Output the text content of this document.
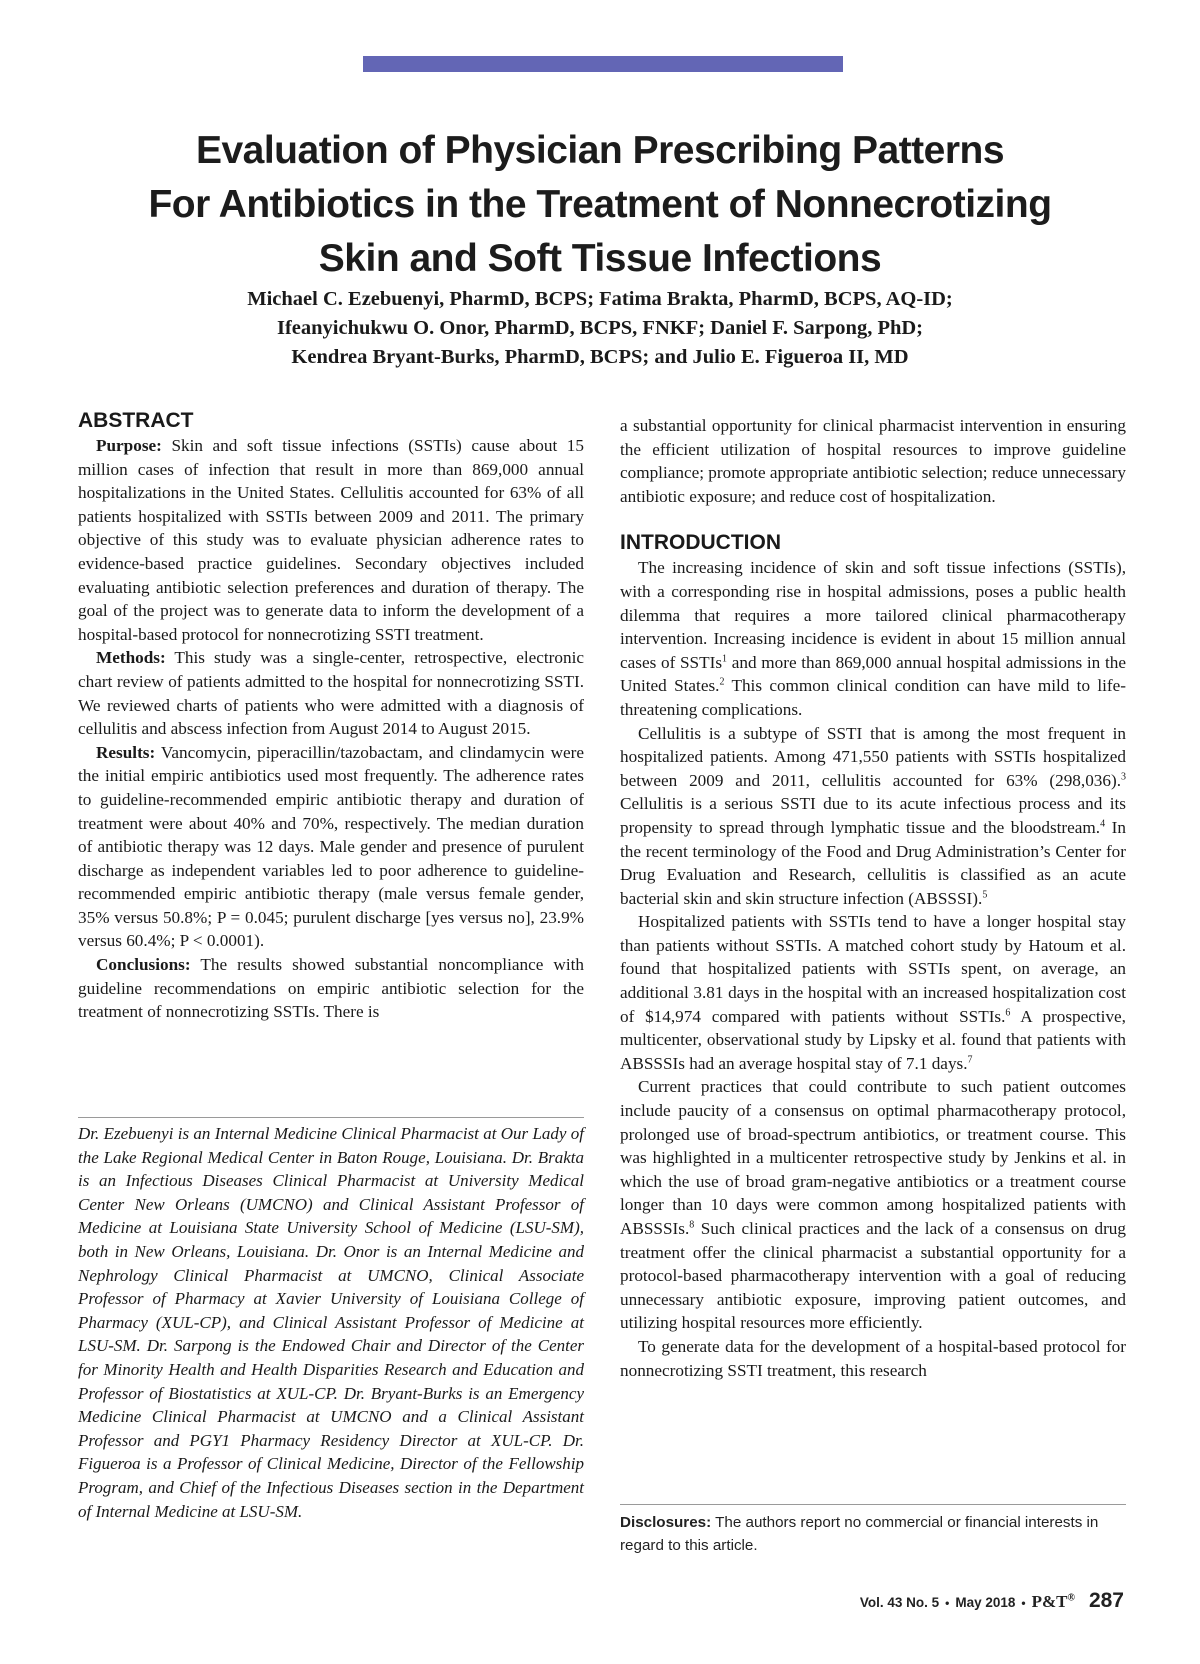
Evaluation of Physician Prescribing Patterns
For Antibiotics in the Treatment of Nonnecrotizing
Skin and Soft Tissue Infections
Michael C. Ezebuenyi, PharmD, BCPS; Fatima Brakta, PharmD, BCPS, AQ-ID;
Ifeanyichukwu O. Onor, PharmD, BCPS, FNKF; Daniel F. Sarpong, PhD;
Kendrea Bryant-Burks, PharmD, BCPS; and Julio E. Figueroa II, MD
ABSTRACT

Purpose: Skin and soft tissue infections (SSTIs) cause about 15 million cases of infection that result in more than 869,000 annual hospitalizations in the United States. Cellulitis accounted for 63% of all patients hospitalized with SSTIs between 2009 and 2011. The primary objective of this study was to evaluate physician adherence rates to evidence-based practice guidelines. Secondary objectives included evaluating antibiotic selection preferences and duration of therapy. The goal of the project was to generate data to inform the development of a hospital-based protocol for nonnecrotizing SSTI treatment.

Methods: This study was a single-center, retrospective, electronic chart review of patients admitted to the hospital for nonnecrotizing SSTI. We reviewed charts of patients who were admitted with a diagnosis of cellulitis and abscess infection from August 2014 to August 2015.

Results: Vancomycin, piperacillin/tazobactam, and clindamycin were the initial empiric antibiotics used most frequently. The adherence rates to guideline-recommended empiric antibiotic therapy and duration of treatment were about 40% and 70%, respectively. The median duration of antibiotic therapy was 12 days. Male gender and presence of purulent discharge as independent variables led to poor adherence to guideline-recommended empiric antibiotic therapy (male versus female gender, 35% versus 50.8%; P = 0.045; purulent discharge [yes versus no], 23.9% versus 60.4%; P < 0.0001).

Conclusions: The results showed substantial noncompliance with guideline recommendations on empiric antibiotic selection for the treatment of nonnecrotizing SSTIs. There is

Dr. Ezebuenyi is an Internal Medicine Clinical Pharmacist at Our Lady of the Lake Regional Medical Center in Baton Rouge, Louisiana. Dr. Brakta is an Infectious Diseases Clinical Pharmacist at University Medical Center New Orleans (UMCNO) and Clinical Assistant Professor of Medicine at Louisiana State University School of Medicine (LSU-SM), both in New Orleans, Louisiana. Dr. Onor is an Internal Medicine and Nephrology Clinical Pharmacist at UMCNO, Clinical Associate Professor of Pharmacy at Xavier University of Louisiana College of Pharmacy (XUL-CP), and Clinical Assistant Professor of Medicine at LSU-SM. Dr. Sarpong is the Endowed Chair and Director of the Center for Minority Health and Health Disparities Research and Education and Professor of Biostatistics at XUL-CP. Dr. Bryant-Burks is an Emergency Medicine Clinical Pharmacist at UMCNO and a Clinical Assistant Professor and PGY1 Pharmacy Residency Director at XUL-CP. Dr. Figueroa is a Professor of Clinical Medicine, Director of the Fellowship Program, and Chief of the Infectious Diseases section in the Department of Internal Medicine at LSU-SM.

a substantial opportunity for clinical pharmacist intervention in ensuring the efficient utilization of hospital resources to improve guideline compliance; promote appropriate antibiotic selection; reduce unnecessary antibiotic exposure; and reduce cost of hospitalization.

INTRODUCTION

The increasing incidence of skin and soft tissue infections (SSTIs), with a corresponding rise in hospital admissions, poses a public health dilemma that requires a more tailored clinical pharmacotherapy intervention. Increasing incidence is evident in about 15 million annual cases of SSTIs$^1$ and more than 869,000 annual hospital admissions in the United States.$^2$ This common clinical condition can have mild to life-threatening complications.

Cellulitis is a subtype of SSTI that is among the most frequent in hospitalized patients. Among 471,550 patients with SSTIs hospitalized between 2009 and 2011, cellulitis accounted for 63% (298,036).$^3$ Cellulitis is a serious SSTI due to its acute infectious process and its propensity to spread through lymphatic tissue and the bloodstream.$^4$ In the recent terminology of the Food and Drug Administration’s Center for Drug Evaluation and Research, cellulitis is classified as an acute bacterial skin and skin structure infection (ABSSSI).$^5$

Hospitalized patients with SSTIs tend to have a longer hospital stay than patients without SSTIs. A matched cohort study by Hatoum et al. found that hospitalized patients with SSTIs spent, on average, an additional 3.81 days in the hospital with an increased hospitalization cost of $14,974 compared with patients without SSTIs.$^6$ A prospective, multicenter, observational study by Lipsky et al. found that patients with ABSSSIs had an average hospital stay of 7.1 days.$^7$

Current practices that could contribute to such patient outcomes include paucity of a consensus on optimal pharmacotherapy protocol, prolonged use of broad-spectrum antibiotics, or treatment course. This was highlighted in a multicenter retrospective study by Jenkins et al. in which the use of broad gram-negative antibiotics or a treatment course longer than 10 days were common among hospitalized patients with ABSSSIs.$^8$ Such clinical practices and the lack of a consensus on drug treatment offer the clinical pharmacist a substantial opportunity for a protocol-based pharmacotherapy intervention with a goal of reducing unnecessary antibiotic exposure, improving patient outcomes, and utilizing hospital resources more efficiently.

To generate data for the development of a hospital-based protocol for nonnecrotizing SSTI treatment, this research

Disclosures: The authors report no commercial or financial interests in regard to this article.
Vol. 43 No. 5 • May 2018 • P&T® 287
